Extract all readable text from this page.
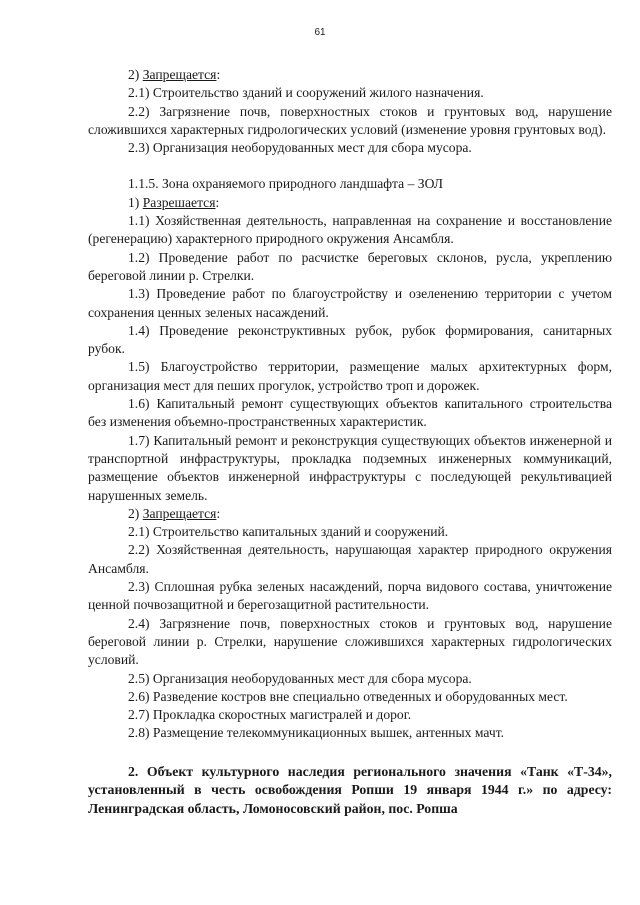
61

2) Запрещается:

2.1) Строительство зданий и сооружений жилого назначения.

2.2) Загрязнение почв, поверхностных стоков и грунтовых вод, нарушение сложившихся характерных гидрологических условий (изменение уровня грунтовых вод).

2.3) Организация необорудованных мест для сбора мусора.

1.1.5. Зона охраняемого природного ландшафта – ЗОЛ

1) Разрешается:

1.1) Хозяйственная деятельность, направленная на сохранение и восстановление (регенерацию) характерного природного окружения Ансамбля.

1.2) Проведение работ по расчистке береговых склонов, русла, укреплению береговой линии р. Стрелки.

1.3) Проведение работ по благоустройству и озеленению территории с учетом сохранения ценных зеленых насаждений.

1.4) Проведение реконструктивных рубок, рубок формирования, санитарных рубок.

1.5) Благоустройство территории, размещение малых архитектурных форм, организация мест для пеших прогулок, устройство троп и дорожек.

1.6) Капитальный ремонт существующих объектов капитального строительства без изменения объемно-пространственных характеристик.

1.7) Капитальный ремонт и реконструкция существующих объектов инженерной и транспортной инфраструктуры, прокладка подземных инженерных коммуникаций, размещение объектов инженерной инфраструктуры с последующей рекультивацией нарушенных земель.

2) Запрещается:

2.1) Строительство капитальных зданий и сооружений.

2.2) Хозяйственная деятельность, нарушающая характер природного окружения Ансамбля.

2.3) Сплошная рубка зеленых насаждений, порча видового состава, уничтожение ценной почвозащитной и берегозащитной растительности.

2.4) Загрязнение почв, поверхностных стоков и грунтовых вод, нарушение береговой линии р. Стрелки, нарушение сложившихся характерных гидрологических условий.

2.5) Организация необорудованных мест для сбора мусора.

2.6) Разведение костров вне специально отведенных и оборудованных мест.

2.7) Прокладка скоростных магистралей и дорог.

2.8) Размещение телекоммуникационных вышек, антенных мачт.

2. Объект культурного наследия регионального значения «Танк «Т-34», установленный в честь освобождения Ропши 19 января 1944 г.» по адресу: Ленинградская область, Ломоносовский район, пос. Ропша
